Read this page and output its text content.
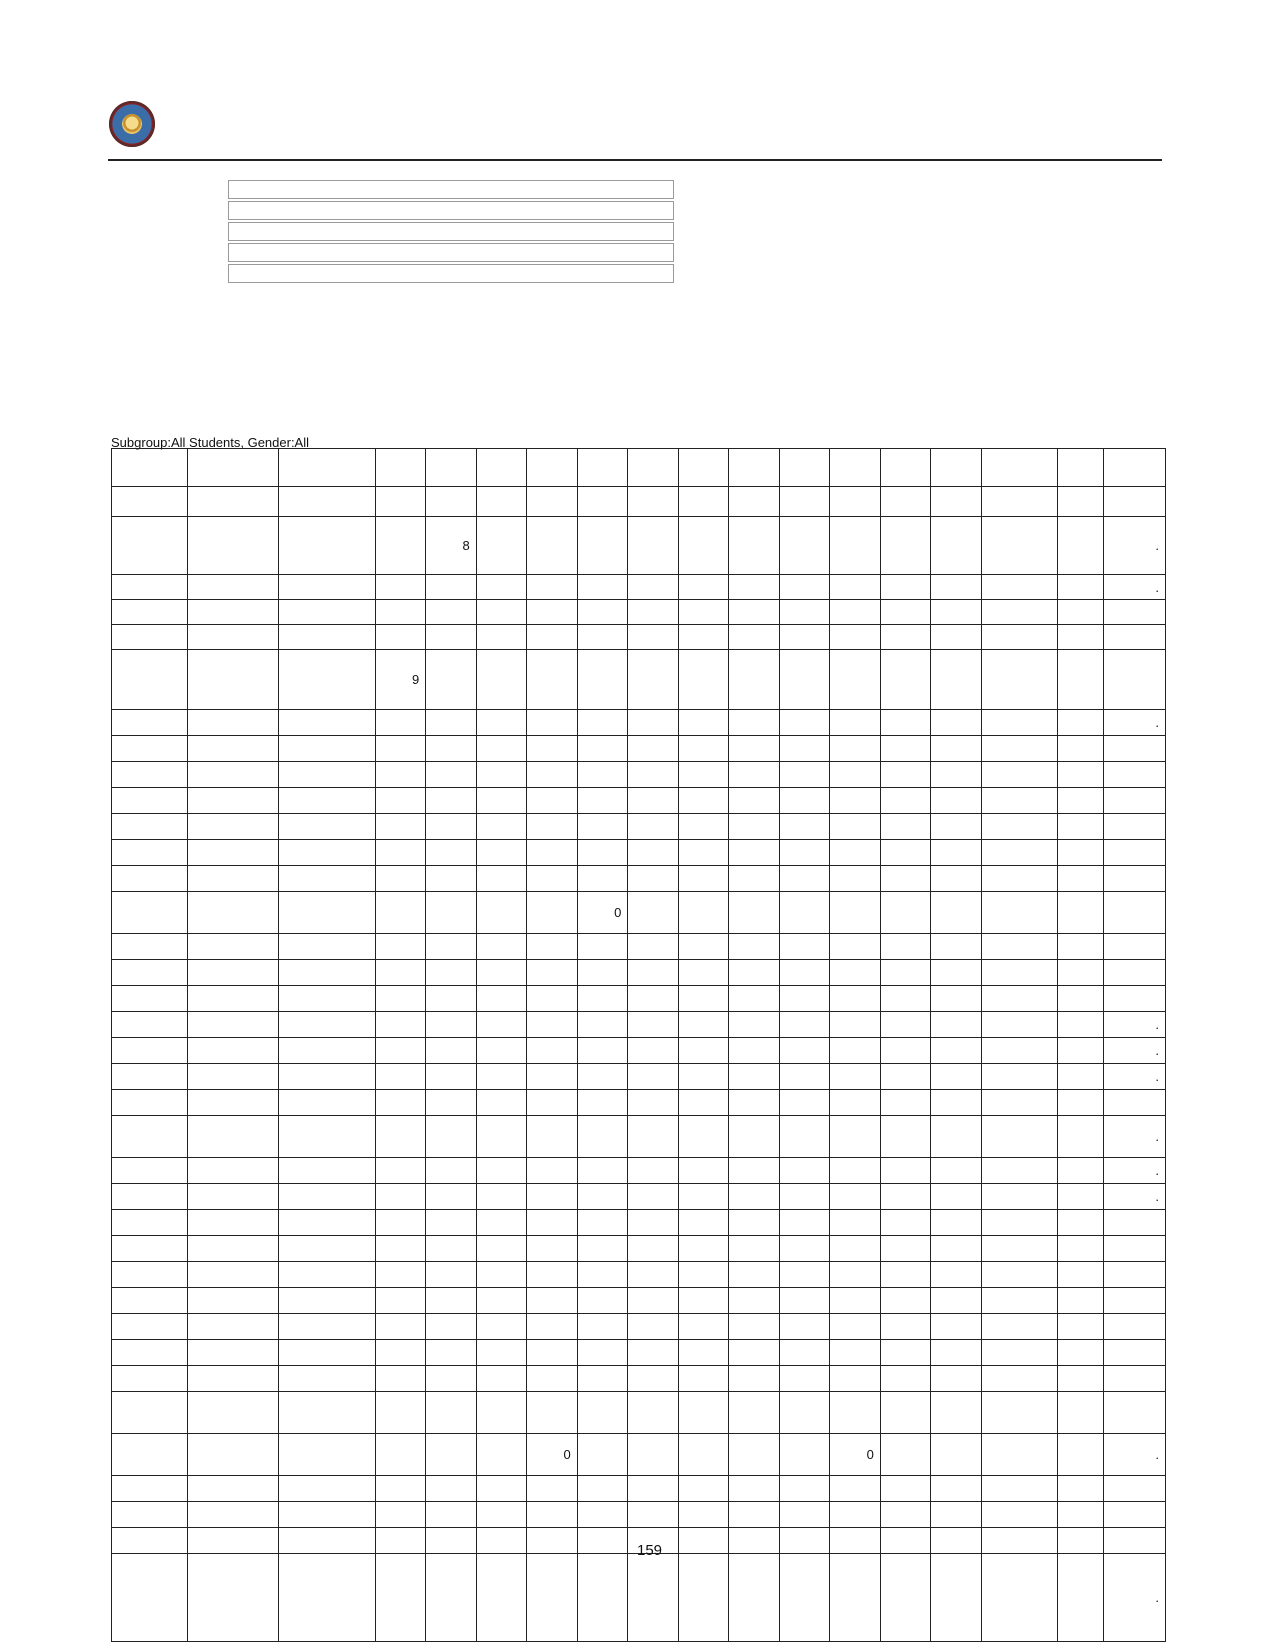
Subgroup:All Students, Gender:All

				8													.
																	.

			9														
																	.

							0										

																	.
																	.
																	.

																	.
																	.
																	.

						0						0					.

																	.
159
